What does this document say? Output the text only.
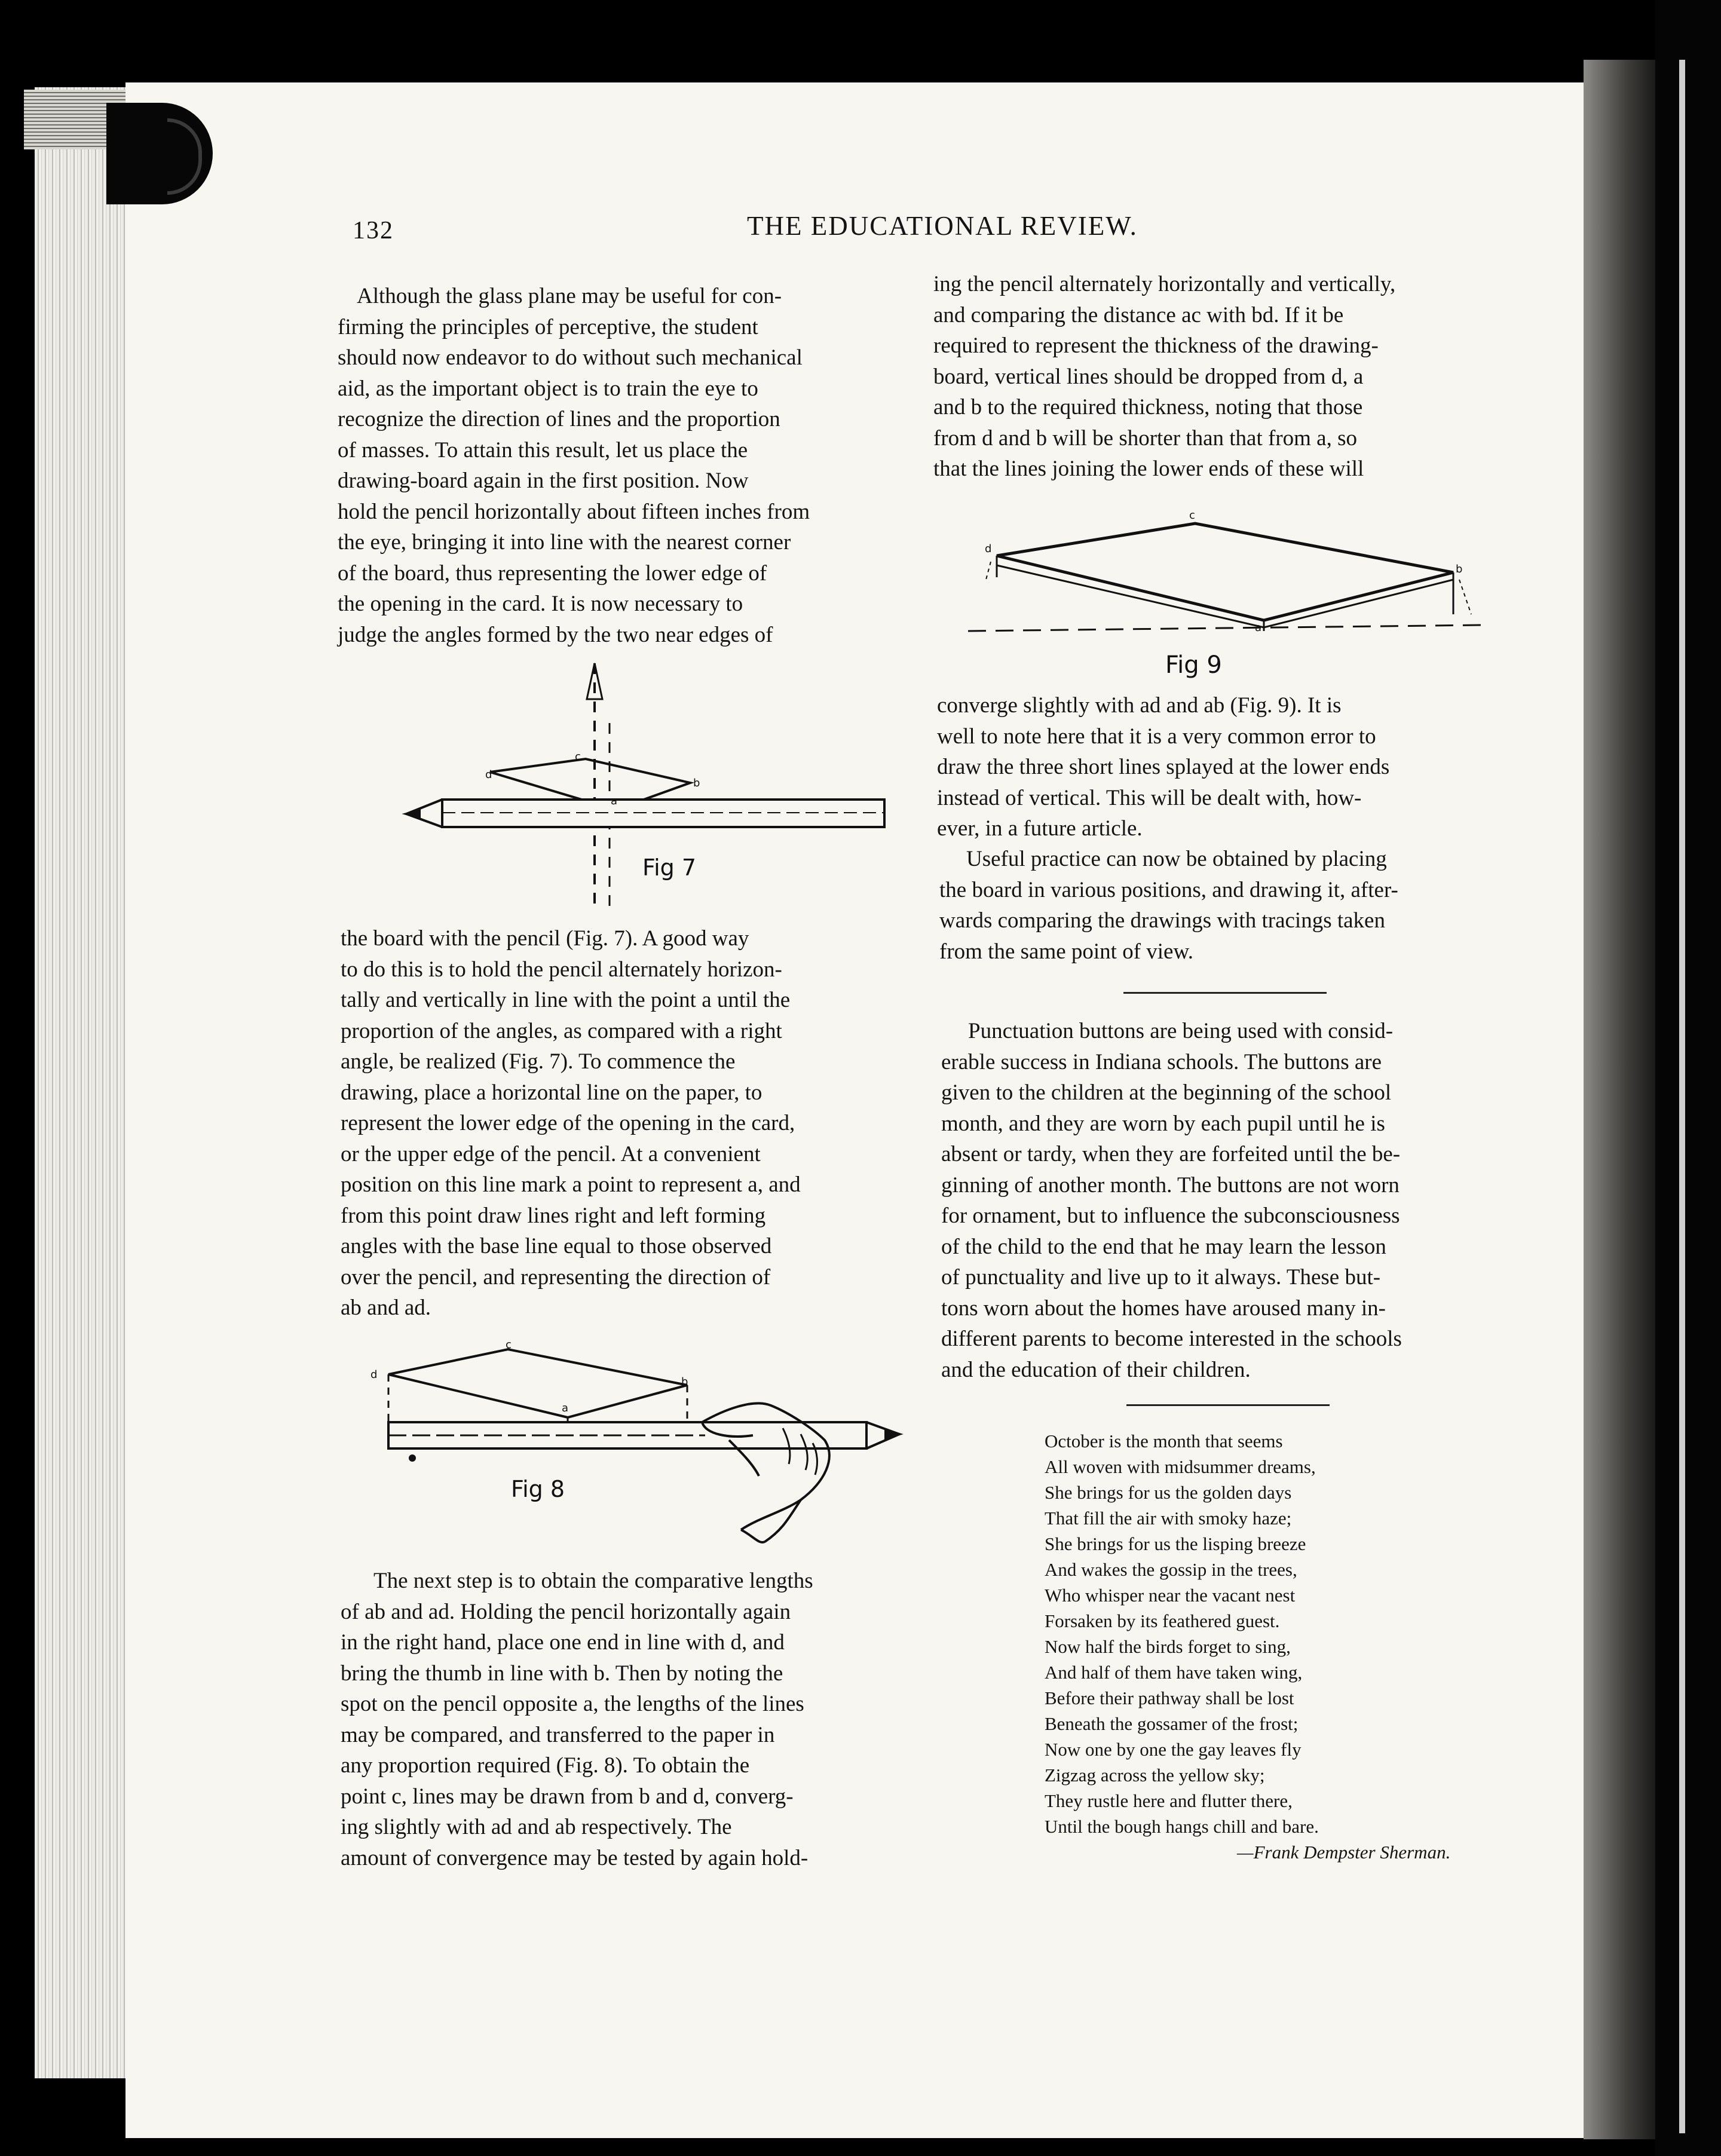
132	THE EDUCATIONAL REVIEW.
Although the glass plane may be useful for con-
firming the principles of perceptive, the student
should now endeavor to do without such mechanical
aid, as the important object is to train the eye to
recognize the direction of lines and the proportion
of masses. To attain this result, let us place the
drawing-board again in the first position. Now
hold the pencil horizontally about fifteen inches from
the eye, bringing it into line with the nearest corner
of the board, thus representing the lower edge of
the opening in the card. It is now necessary to
judge the angles formed by the two near edges of
d
c
b
a
Fig 7
the board with the pencil (Fig. 7). A good way
to do this is to hold the pencil alternately horizon-
tally and vertically in line with the point a until the
proportion of the angles, as compared with a right
angle, be realized (Fig. 7). To commence the
drawing, place a horizontal line on the paper, to
represent the lower edge of the opening in the card,
or the upper edge of the pencil. At a convenient
position on this line mark a point to represent a, and
from this point draw lines right and left forming
angles with the base line equal to those observed
over the pencil, and representing the direction of
ab and ad.
d
c
b
a
Fig 8
The next step is to obtain the comparative lengths
of ab and ad. Holding the pencil horizontally again
in the right hand, place one end in line with d, and
bring the thumb in line with b. Then by noting the
spot on the pencil opposite a, the lengths of the lines
may be compared, and transferred to the paper in
any proportion required (Fig. 8). To obtain the
point c, lines may be drawn from b and d, converg-
ing slightly with ad and ab respectively. The
amount of convergence may be tested by again hold-
ing the pencil alternately horizontally and vertically,
and comparing the distance ac with bd. If it be
required to represent the thickness of the drawing-
board, vertical lines should be dropped from d, a
and b to the required thickness, noting that those
from d and b will be shorter than that from a, so
that the lines joining the lower ends of these will
d
c
b
a
Fig 9
converge slightly with ad and ab (Fig. 9). It is
well to note here that it is a very common error to
draw the three short lines splayed at the lower ends
instead of vertical. This will be dealt with, how-
ever, in a future article.
Useful practice can now be obtained by placing
the board in various positions, and drawing it, after-
wards comparing the drawings with tracings taken
from the same point of view.
Punctuation buttons are being used with consid-
erable success in Indiana schools. The buttons are
given to the children at the beginning of the school
month, and they are worn by each pupil until he is
absent or tardy, when they are forfeited until the be-
ginning of another month. The buttons are not worn
for ornament, but to influence the subconsciousness
of the child to the end that he may learn the lesson
of punctuality and live up to it always. These but-
tons worn about the homes have aroused many in-
different parents to become interested in the schools
and the education of their children.
October is the month that seems
All woven with midsummer dreams,
She brings for us the golden days
That fill the air with smoky haze;
She brings for us the lisping breeze
And wakes the gossip in the trees,
Who whisper near the vacant nest
Forsaken by its feathered guest.
Now half the birds forget to sing,
And half of them have taken wing,
Before their pathway shall be lost
Beneath the gossamer of the frost;
Now one by one the gay leaves fly
Zigzag across the yellow sky;
They rustle here and flutter there,
Until the bough hangs chill and bare.
—Frank Dempster Sherman.
